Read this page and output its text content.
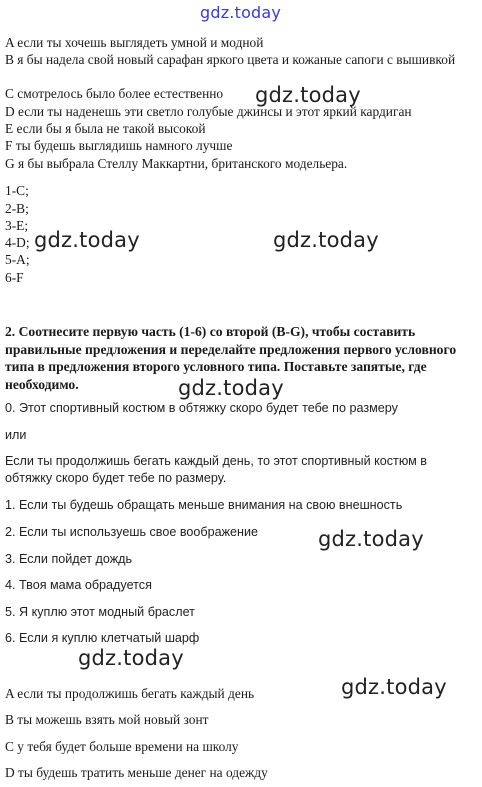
gdz.today
A если ты хочешь выглядеть умной и модной
B я бы надела свой новый сарафан яркого цвета и кожаные сапоги с вышивкой
C смотрелось было более естественно
D если ты наденешь эти светло голубые джинсы и этот яркий кардиган
E если бы я была не такой высокой
F ты будешь выглядишь намного лучше
G я бы выбрала Стеллу Маккартни, британского модельера.
1-C;
2-B;
3-E;
4-D;
5-A;
6-F
gdz.today	gdz.today
gdz.today
2. Соотнесите первую часть (1-6) со второй (B-G), чтобы составить правильные предложения и переделайте предложения первого условного типа в предложения второго условного типа. Поставьте запятые, где необходимо.	gdz.today
0. Этот спортивный костюм в обтяжку скоро будет тебе по размеру
или
Если ты продолжишь бегать каждый день, то этот спортивный костюм в обтяжку скоро будет тебе по размеру.
1. Если ты будешь обращать меньше внимания на свою внешность
2. Если ты используешь свое воображение
3. Если пойдет дождь
4. Твоя мама обрадуется
5. Я куплю этот модный браслет
6. Если я куплю клетчатый шарф
gdz.today
gdz.today
gdz.today
A если ты продолжишь бегать каждый день
B ты можешь взять мой новый зонт
C у тебя будет больше времени на школу
D ты будешь тратить меньше денег на одежду
